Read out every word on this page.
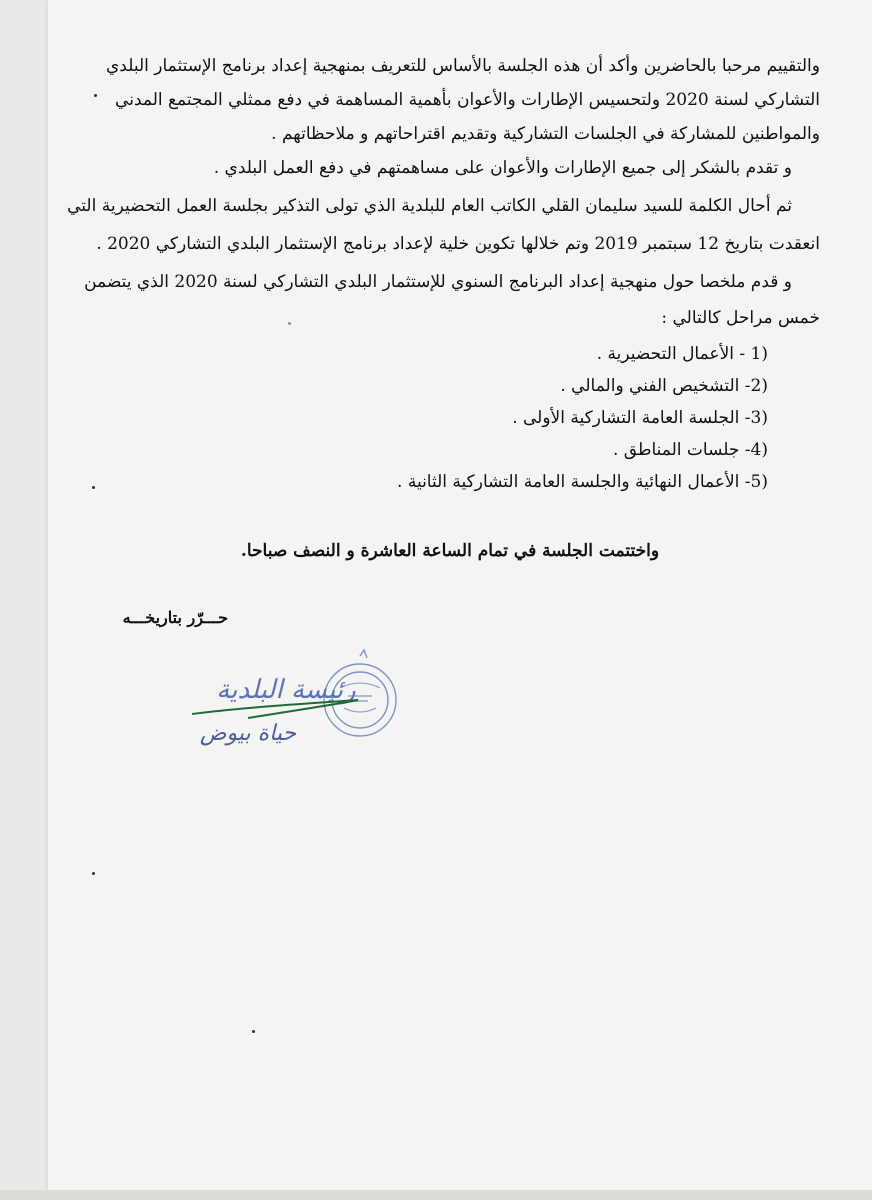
والتقييم مرحبا بالحاضرين وأكد أن هذه الجلسة بالأساس للتعريف بمنهجية إعداد برنامج الإستثمار البلدي
التشاركي لسنة 2020 ولتحسيس الإطارات والأعوان بأهمية المساهمة في دفع ممثلي المجتمع المدني
والمواطنين للمشاركة في الجلسات التشاركية وتقديم اقتراحاتهم و ملاحظاتهم .
و تقدم بالشكر إلى جميع الإطارات والأعوان على مساهمتهم في دفع العمل البلدي .
ثم أحال الكلمة للسيد سليمان القلي الكاتب العام للبلدية الذي تولى التذكير بجلسة العمل التحضيرية التي
انعقدت بتاريخ 12 سبتمبر 2019 وتم خلالها تكوين خلية لإعداد برنامج الإستثمار البلدي التشاركي 2020 .
و قدم ملخصا حول منهجية إعداد البرنامج السنوي للإستثمار البلدي التشاركي لسنة 2020 الذي يتضمن
خمس مراحل كالتالي :
1) - الأعمال التحضيرية .
2)- التشخيص الفني والمالي .
3)- الجلسة العامة التشاركية الأولى .
4)- جلسات المناطق .
5)- الأعمال النهائية والجلسة العامة التشاركية الثانية .
واختتمت الجلسة في تمام الساعة العاشرة و النصف صباحا.
حـــرّر بتاريخـــه
رئيسة البلدية
حياة بيوض
